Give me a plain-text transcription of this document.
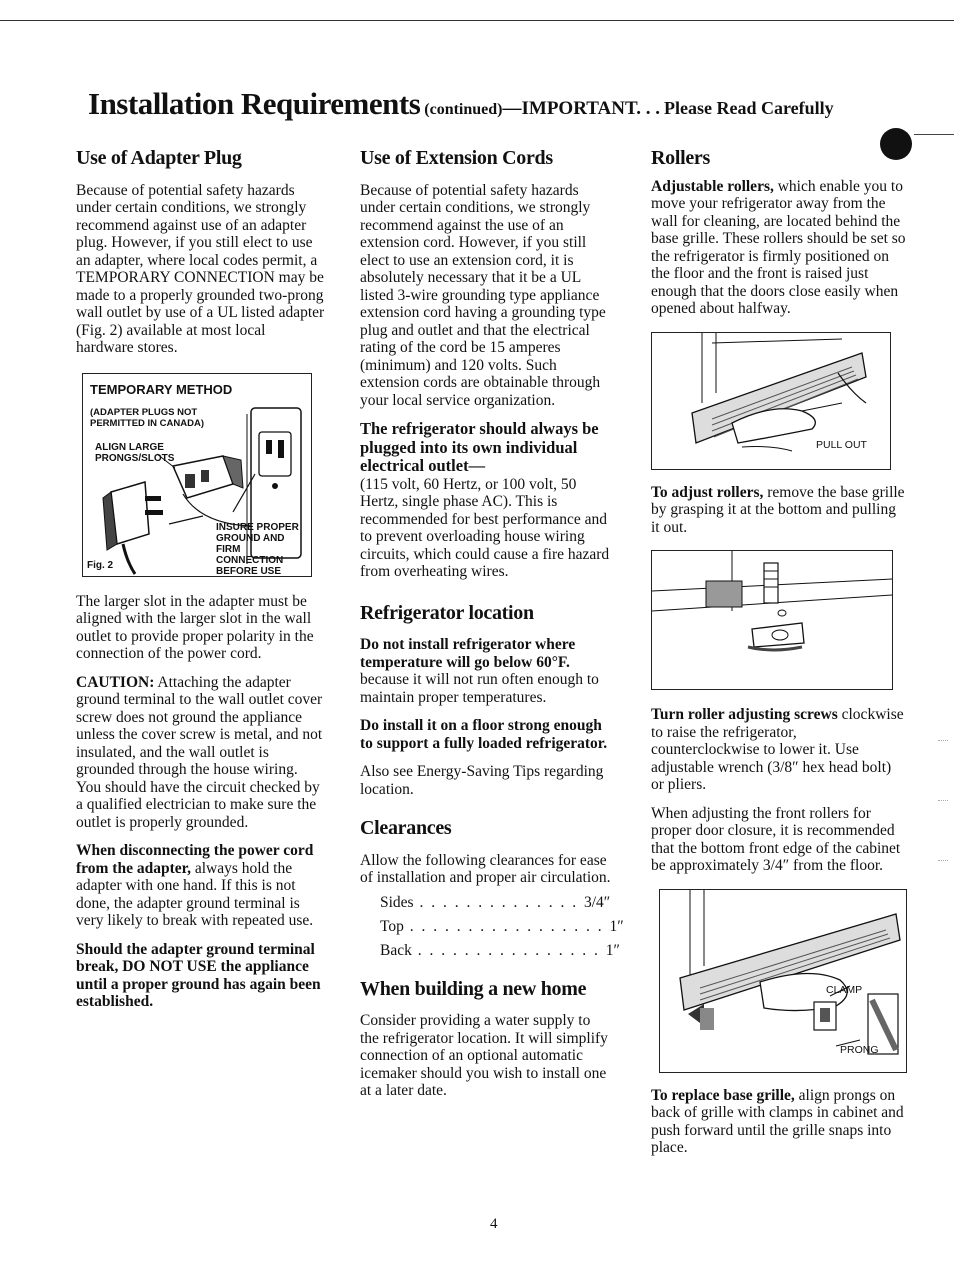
Installation Requirements (continued)—IMPORTANT. . . Please Read Carefully
Use of Adapter Plug

Because of potential safety hazards under certain conditions, we strongly recommend against use of an adapter plug. However, if you still elect to use an adapter, where local codes permit, a TEMPORARY CONNECTION may be made to a properly grounded two-prong wall outlet by use of a UL listed adapter (Fig. 2) available at most local hardware stores.

TEMPORARY METHOD
(ADAPTER PLUGS NOT PERMITTED IN CANADA)
ALIGN LARGE PRONGS/SLOTS
INSURE PROPER GROUND AND FIRM CONNECTION BEFORE USE
Fig. 2

The larger slot in the adapter must be aligned with the larger slot in the wall outlet to provide proper polarity in the connection of the power cord.

CAUTION: Attaching the adapter ground terminal to the wall outlet cover screw does not ground the appliance unless the cover screw is metal, and not insulated, and the wall outlet is grounded through the house wiring. You should have the circuit checked by a qualified electrician to make sure the outlet is properly grounded.

When disconnecting the power cord from the adapter, always hold the adapter with one hand. If this is not done, the adapter ground terminal is very likely to break with repeated use.

Should the adapter ground terminal break, DO NOT USE the appliance until a proper ground has again been established.

Use of Extension Cords

Because of potential safety hazards under certain conditions, we strongly recommend against the use of an extension cord. However, if you still elect to use an extension cord, it is absolutely necessary that it be a UL listed 3-wire grounding type appliance extension cord having a grounding type plug and outlet and that the electrical rating of the cord be 15 amperes (minimum) and 120 volts. Such extension cords are obtainable through your local service organization.

The refrigerator should always be plugged into its own individual electrical outlet—
(115 volt, 60 Hertz, or 100 volt, 50 Hertz, single phase AC). This is recommended for best performance and to prevent overloading house wiring circuits, which could cause a fire hazard from overheating wires.

Refrigerator location

Do not install refrigerator where temperature will go below 60°F. because it will not run often enough to maintain proper temperatures.

Do install it on a floor strong enough to support a fully loaded refrigerator.

Also see Energy-Saving Tips regarding location.

Clearances

Allow the following clearances for ease of installation and proper air circulation.

Sides . . . . . . . . . . . . . . 3/4″
Top . . . . . . . . . . . . . . . . . 1″
Back . . . . . . . . . . . . . . . . 1″
When building a new home

Consider providing a water supply to the refrigerator location. It will simplify connection of an optional automatic icemaker should you wish to install one at a later date.

Rollers

Adjustable rollers, which enable you to move your refrigerator away from the wall for cleaning, are located behind the base grille. These rollers should be set so the refrigerator is firmly positioned on the floor and the front is raised just enough that the doors close easily when opened about halfway.

PULL OUT

To adjust rollers, remove the base grille by grasping it at the bottom and pulling it out.

Turn roller adjusting screws clockwise to raise the refrigerator, counterclockwise to lower it. Use adjustable wrench (3/8″ hex head bolt) or pliers.

When adjusting the front rollers for proper door closure, it is recommended that the bottom front edge of the cabinet be approximately 3/4″ from the floor.

CLAMP
PRONG

To replace base grille, align prongs on back of grille with clamps in cabinet and push forward until the grille snaps into place.

4
